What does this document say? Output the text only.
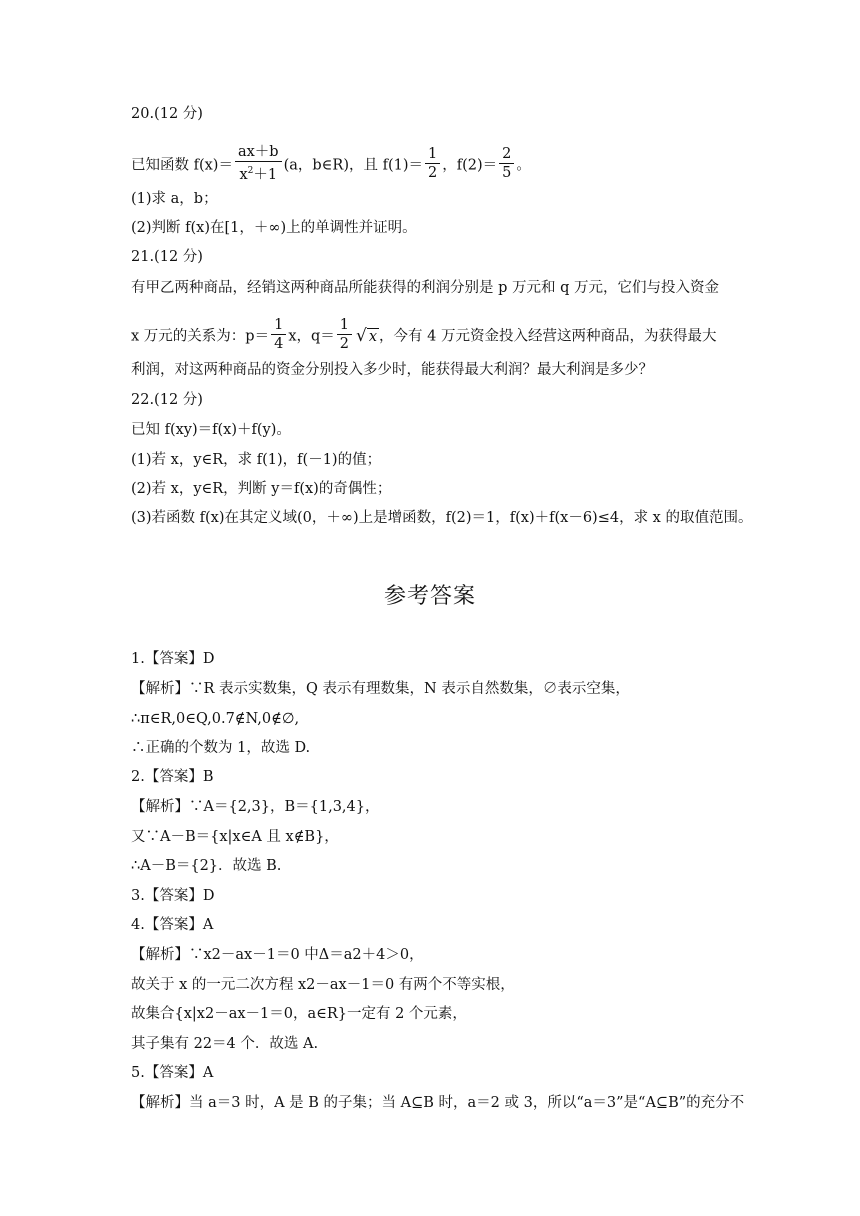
20.(12 分)
已知函数 $f(x)= \frac{ax+b}{x^2+1} (a$，b∈R)，且 $f(1)= \frac{1}{2}$ ，$f(2)= \frac{2}{5}$ 。
(1)求 a，b；
(2)判断 f(x)在[1，＋∞)上的单调性并证明。
21.(12 分)
有甲乙两种商品，经销这两种商品所能获得的利润分别是 p 万元和 q 万元，它们与投入资金
x 万元的关系为：$p= \frac{1}{4}$ x，$q= \frac{1}{2}$ √ x ，今有 4 万元资金投入经营这两种商品，为获得最大
利润，对这两种商品的资金分别投入多少时，能获得最大利润？最大利润是多少？
22.(12 分)
已知 f(xy)＝f(x)＋f(y)。
(1)若 x，y∈R，求 f(1)，f(－1)的值；
(2)若 x，y∈R，判断 y＝f(x)的奇偶性；
(3)若函数 f(x)在其定义域(0，＋∞)上是增函数，f(2)＝1，f(x)＋f(x－6)≤4，求 x 的取值范围。
参考答案
1.【答案】D
【解析】∵R 表示实数集，Q 表示有理数集，N 表示自然数集，∅表示空集，
∴π∈R,0∈Q,0.7∉N,0∉∅,
∴正确的个数为 1，故选 D.
2.【答案】B
【解析】∵A＝{2,3}，B＝{1,3,4}，
又∵A－B＝{x|x∈A 且 x∉B}，
∴A－B＝{2}．故选 B.
3.【答案】D
4.【答案】A
【解析】∵x2－ax－1＝0 中Δ＝a2＋4＞0，
故关于 x 的一元二次方程 x2－ax－1＝0 有两个不等实根，
故集合{x|x2－ax－1＝0，a∈R}一定有 2 个元素，
其子集有 22＝4 个．故选 A.
5.【答案】A
【解析】当 a＝3 时，A 是 B 的子集；当 A⊆B 时，a＝2 或 3，所以“a＝3”是“A⊆B”的充分不
